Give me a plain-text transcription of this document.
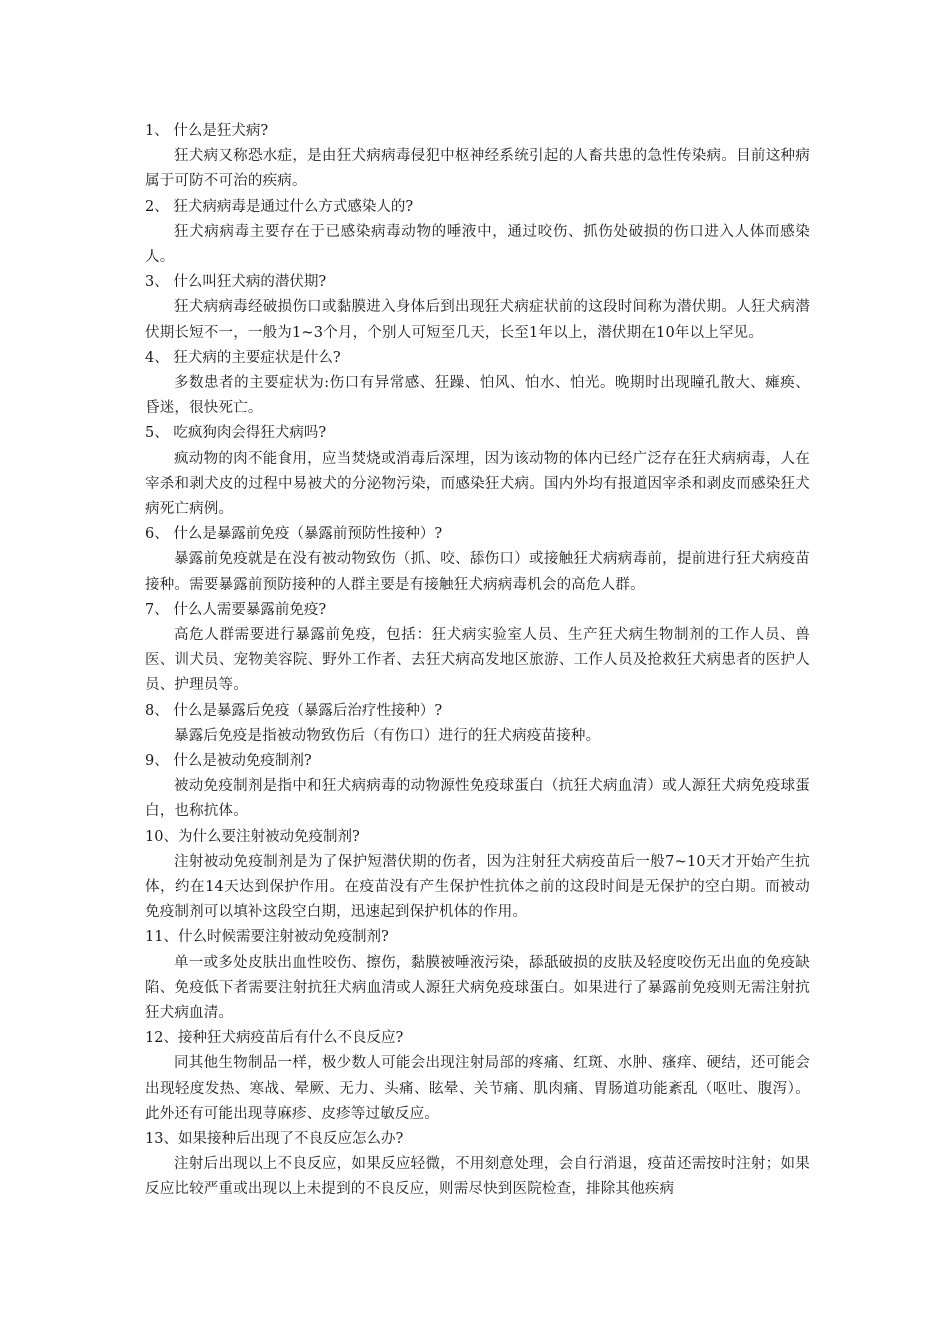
1、 什么是狂犬病?
狂犬病又称恐水症，是由狂犬病病毒侵犯中枢神经系统引起的人畜共患的急性传染病。目前这种病属于可防不可治的疾病。
2、 狂犬病病毒是通过什么方式感染人的?
狂犬病病毒主要存在于已感染病毒动物的唾液中，通过咬伤、抓伤处破损的伤口进入人体而感染人。
3、 什么叫狂犬病的潜伏期?
狂犬病病毒经破损伤口或黏膜进入身体后到出现狂犬病症状前的这段时间称为潜伏期。人狂犬病潜伏期长短不一，一般为1~3个月，个别人可短至几天，长至1年以上，潜伏期在10年以上罕见。
4、 狂犬病的主要症状是什么?
多数患者的主要症状为:伤口有异常感、狂躁、怕风、怕水、怕光。晚期时出现瞳孔散大、瘫痪、昏迷，很快死亡。
5、 吃疯狗肉会得狂犬病吗?
疯动物的肉不能食用，应当焚烧或消毒后深埋，因为该动物的体内已经广泛存在狂犬病病毒，人在宰杀和剥犬皮的过程中易被犬的分泌物污染，而感染狂犬病。国内外均有报道因宰杀和剥皮而感染狂犬病死亡病例。
6、 什么是暴露前免疫（暴露前预防性接种）?
暴露前免疫就是在没有被动物致伤（抓、咬、舔伤口）或接触狂犬病病毒前，提前进行狂犬病疫苗接种。需要暴露前预防接种的人群主要是有接触狂犬病病毒机会的高危人群。
7、 什么人需要暴露前免疫?
高危人群需要进行暴露前免疫，包括：狂犬病实验室人员、生产狂犬病生物制剂的工作人员、兽医、训犬员、宠物美容院、野外工作者、去狂犬病高发地区旅游、工作人员及抢救狂犬病患者的医护人员、护理员等。
8、 什么是暴露后免疫（暴露后治疗性接种）?
暴露后免疫是指被动物致伤后（有伤口）进行的狂犬病疫苗接种。
9、 什么是被动免疫制剂?
被动免疫制剂是指中和狂犬病病毒的动物源性免疫球蛋白（抗狂犬病血清）或人源狂犬病免疫球蛋白，也称抗体。
10、为什么要注射被动免疫制剂?
注射被动免疫制剂是为了保护短潜伏期的伤者，因为注射狂犬病疫苗后一般7~10天才开始产生抗体，约在14天达到保护作用。在疫苗没有产生保护性抗体之前的这段时间是无保护的空白期。而被动免疫制剂可以填补这段空白期，迅速起到保护机体的作用。
11、什么时候需要注射被动免疫制剂?
单一或多处皮肤出血性咬伤、擦伤，黏膜被唾液污染，舔舐破损的皮肤及轻度咬伤无出血的免疫缺陷、免疫低下者需要注射抗狂犬病血清或人源狂犬病免疫球蛋白。如果进行了暴露前免疫则无需注射抗狂犬病血清。
12、接种狂犬病疫苗后有什么不良反应?
同其他生物制品一样，极少数人可能会出现注射局部的疼痛、红斑、水肿、瘙痒、硬结，还可能会出现轻度发热、寒战、晕厥、无力、头痛、眩晕、关节痛、肌肉痛、胃肠道功能紊乱（呕吐、腹泻）。此外还有可能出现荨麻疹、皮疹等过敏反应。
13、如果接种后出现了不良反应怎么办?
注射后出现以上不良反应，如果反应轻微，不用刻意处理，会自行消退，疫苗还需按时注射；如果反应比较严重或出现以上未提到的不良反应，则需尽快到医院检查，排除其他疾病
